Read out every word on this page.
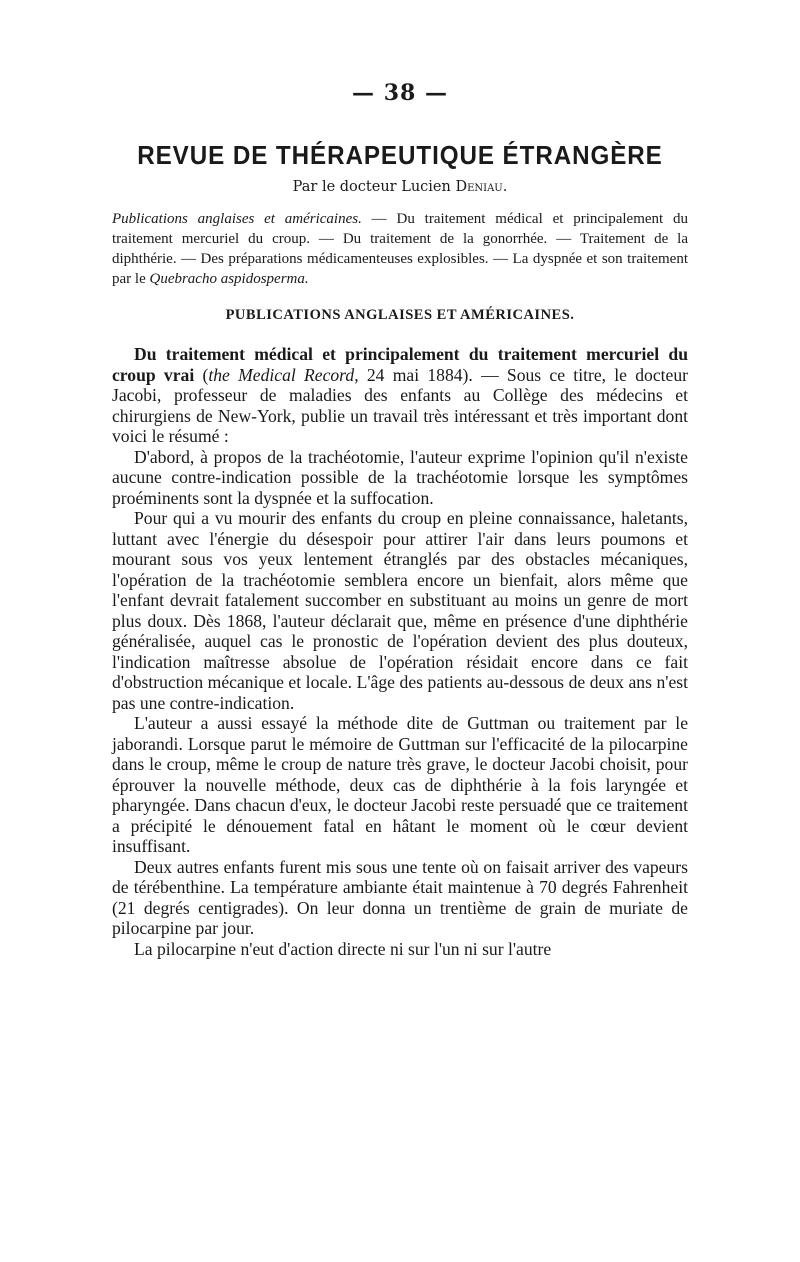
— 38 —
REVUE DE THÉRAPEUTIQUE ÉTRANGÈRE
Par le docteur Lucien Deniau.
Publications anglaises et américaines. — Du traitement médical et principalement du traitement mercuriel du croup. — Du traitement de la gonorrhée. — Traitement de la diphthérie. — Des préparations médicamenteuses explosibles. — La dyspnée et son traitement par le Quebracho aspidosperma.
PUBLICATIONS ANGLAISES ET AMÉRICAINES.

Du traitement médical et principalement du traitement mercuriel du croup vrai (the Medical Record, 24 mai 1884). — Sous ce titre, le docteur Jacobi, professeur de maladies des enfants au Collège des médecins et chirurgiens de New-York, publie un travail très intéressant et très important dont voici le résumé :

D'abord, à propos de la trachéotomie, l'auteur exprime l'opinion qu'il n'existe aucune contre-indication possible de la trachéotomie lorsque les symptômes proéminents sont la dyspnée et la suffocation.

Pour qui a vu mourir des enfants du croup en pleine connaissance, haletants, luttant avec l'énergie du désespoir pour attirer l'air dans leurs poumons et mourant sous vos yeux lentement étranglés par des obstacles mécaniques, l'opération de la trachéotomie semblera encore un bienfait, alors même que l'enfant devrait fatalement succomber en substituant au moins un genre de mort plus doux. Dès 1868, l'auteur déclarait que, même en présence d'une diphthérie généralisée, auquel cas le pronostic de l'opération devient des plus douteux, l'indication maîtresse absolue de l'opération résidait encore dans ce fait d'obstruction mécanique et locale. L'âge des patients au-dessous de deux ans n'est pas une contre-indication.

L'auteur a aussi essayé la méthode dite de Guttman ou traitement par le jaborandi. Lorsque parut le mémoire de Guttman sur l'efficacité de la pilocarpine dans le croup, même le croup de nature très grave, le docteur Jacobi choisit, pour éprouver la nouvelle méthode, deux cas de diphthérie à la fois laryngée et pharyngée. Dans chacun d'eux, le docteur Jacobi reste persuadé que ce traitement a précipité le dénouement fatal en hâtant le moment où le cœur devient insuffisant.

Deux autres enfants furent mis sous une tente où on faisait arriver des vapeurs de térébenthine. La température ambiante était maintenue à 70 degrés Fahrenheit (21 degrés centigrades). On leur donna un trentième de grain de muriate de pilocarpine par jour.

La pilocarpine n'eut d'action directe ni sur l'un ni sur l'autre
